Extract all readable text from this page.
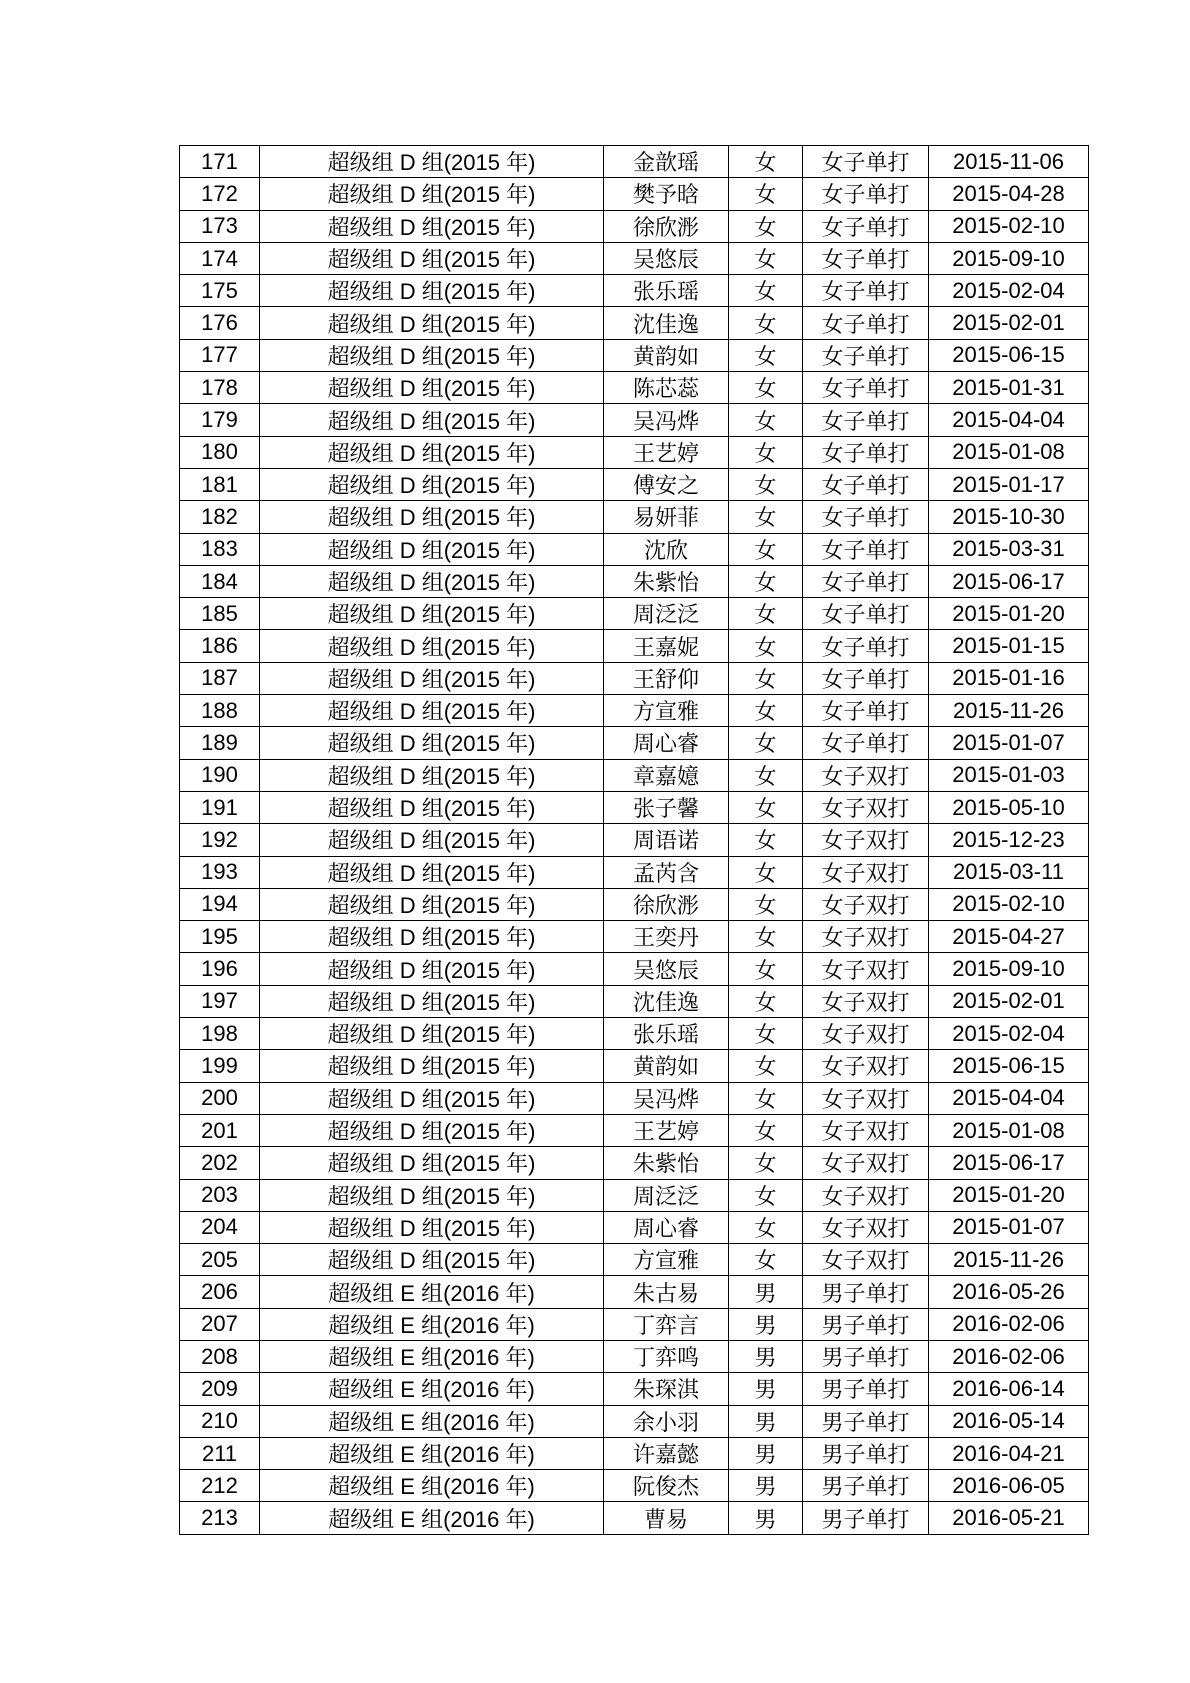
171	超级组 D 组(2015 年)	金歆瑶	女	女子单打	2015-11-06
172	超级组 D 组(2015 年)	樊予晗	女	女子单打	2015-04-28
173	超级组 D 组(2015 年)	徐欣浵	女	女子单打	2015-02-10
174	超级组 D 组(2015 年)	吴悠辰	女	女子单打	2015-09-10
175	超级组 D 组(2015 年)	张乐瑶	女	女子单打	2015-02-04
176	超级组 D 组(2015 年)	沈佳逸	女	女子单打	2015-02-01
177	超级组 D 组(2015 年)	黄韵如	女	女子单打	2015-06-15
178	超级组 D 组(2015 年)	陈芯蕊	女	女子单打	2015-01-31
179	超级组 D 组(2015 年)	吴冯烨	女	女子单打	2015-04-04
180	超级组 D 组(2015 年)	王艺婷	女	女子单打	2015-01-08
181	超级组 D 组(2015 年)	傅安之	女	女子单打	2015-01-17
182	超级组 D 组(2015 年)	易妍菲	女	女子单打	2015-10-30
183	超级组 D 组(2015 年)	沈欣	女	女子单打	2015-03-31
184	超级组 D 组(2015 年)	朱紫怡	女	女子单打	2015-06-17
185	超级组 D 组(2015 年)	周泛泛	女	女子单打	2015-01-20
186	超级组 D 组(2015 年)	王嘉妮	女	女子单打	2015-01-15
187	超级组 D 组(2015 年)	王舒仰	女	女子单打	2015-01-16
188	超级组 D 组(2015 年)	方宣雅	女	女子单打	2015-11-26
189	超级组 D 组(2015 年)	周心睿	女	女子单打	2015-01-07
190	超级组 D 组(2015 年)	章嘉嬑	女	女子双打	2015-01-03
191	超级组 D 组(2015 年)	张子馨	女	女子双打	2015-05-10
192	超级组 D 组(2015 年)	周语诺	女	女子双打	2015-12-23
193	超级组 D 组(2015 年)	孟芮含	女	女子双打	2015-03-11
194	超级组 D 组(2015 年)	徐欣浵	女	女子双打	2015-02-10
195	超级组 D 组(2015 年)	王奕丹	女	女子双打	2015-04-27
196	超级组 D 组(2015 年)	吴悠辰	女	女子双打	2015-09-10
197	超级组 D 组(2015 年)	沈佳逸	女	女子双打	2015-02-01
198	超级组 D 组(2015 年)	张乐瑶	女	女子双打	2015-02-04
199	超级组 D 组(2015 年)	黄韵如	女	女子双打	2015-06-15
200	超级组 D 组(2015 年)	吴冯烨	女	女子双打	2015-04-04
201	超级组 D 组(2015 年)	王艺婷	女	女子双打	2015-01-08
202	超级组 D 组(2015 年)	朱紫怡	女	女子双打	2015-06-17
203	超级组 D 组(2015 年)	周泛泛	女	女子双打	2015-01-20
204	超级组 D 组(2015 年)	周心睿	女	女子双打	2015-01-07
205	超级组 D 组(2015 年)	方宣雅	女	女子双打	2015-11-26
206	超级组 E 组(2016 年)	朱古易	男	男子单打	2016-05-26
207	超级组 E 组(2016 年)	丁弈言	男	男子单打	2016-02-06
208	超级组 E 组(2016 年)	丁弈鸣	男	男子单打	2016-02-06
209	超级组 E 组(2016 年)	朱琛淇	男	男子单打	2016-06-14
210	超级组 E 组(2016 年)	余小羽	男	男子单打	2016-05-14
211	超级组 E 组(2016 年)	许嘉懿	男	男子单打	2016-04-21
212	超级组 E 组(2016 年)	阮俊杰	男	男子单打	2016-06-05
213	超级组 E 组(2016 年)	曹易	男	男子单打	2016-05-21
